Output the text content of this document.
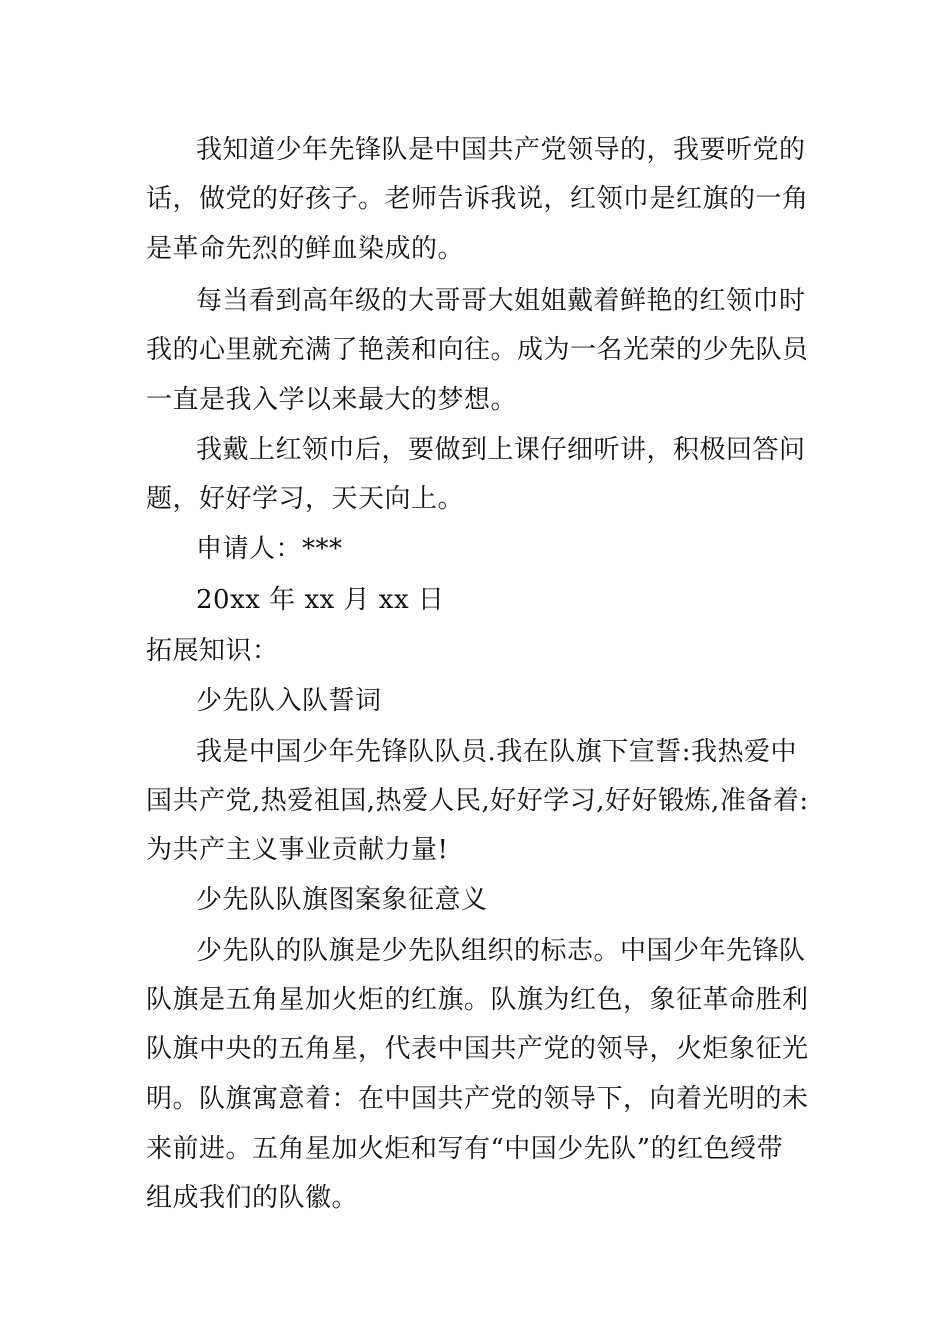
我知道少年先锋队是中国共产党领导的，我要听党的

话，做党的好孩子。老师告诉我说，红领巾是红旗的一角

是革命先烈的鲜血染成的。

每当看到高年级的大哥哥大姐姐戴着鲜艳的红领巾时

我的心里就充满了艳羡和向往。成为一名光荣的少先队员

一直是我入学以来最大的梦想。

我戴上红领巾后，要做到上课仔细听讲，积极回答问

题，好好学习，天天向上。

申请人：***

20xx 年 xx 月 xx 日

拓展知识：

少先队入队誓词

我是中国少年先锋队队员.我在队旗下宣誓:我热爱中

国共产党,热爱祖国,热爱人民,好好学习,好好锻炼,准备着:

为共产主义事业贡献力量!

少先队队旗图案象征意义

少先队的队旗是少先队组织的标志。中国少年先锋队

队旗是五角星加火炬的红旗。队旗为红色，象征革命胜利

队旗中央的五角星，代表中国共产党的领导，火炬象征光

明。队旗寓意着：在中国共产党的领导下，向着光明的未

来前进。五角星加火炬和写有“中国少先队”的红色绶带

组成我们的队徽。
